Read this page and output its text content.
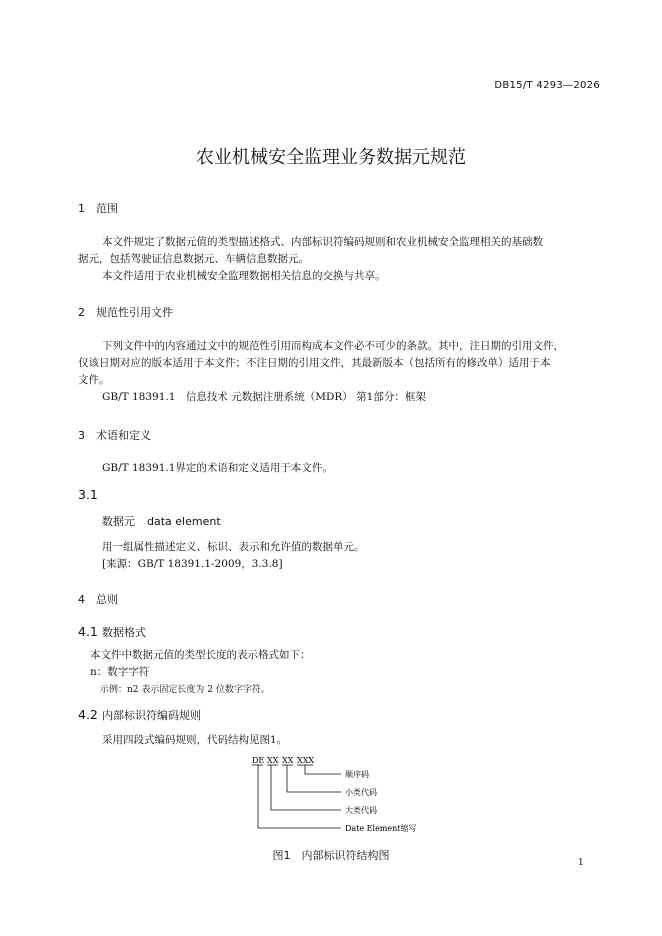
DB15/T 4293—2026
农业机械安全监理业务数据元规范
1 范围
本文件规定了数据元值的类型描述格式、内部标识符编码规则和农业机械安全监理相关的基础数
据元，包括驾驶证信息数据元、车辆信息数据元。
本文件适用于农业机械安全监理数据相关信息的交换与共享。
2 规范性引用文件
下列文件中的内容通过文中的规范性引用而构成本文件必不可少的条款。其中，注日期的引用文件，
仅该日期对应的版本适用于本文件；不注日期的引用文件，其最新版本（包括所有的修改单）适用于本
文件。
GB/T 18391.1　信息技术 元数据注册系统（MDR） 第1部分：框架
3 术语和定义
GB/T 18391.1界定的术语和定义适用于本文件。
3.1
数据元 data element
用一组属性描述定义、标识、表示和允许值的数据单元。
[来源：GB/T 18391.1-2009，3.3.8]
4 总则
4.1 数据格式
本文件中数据元值的类型长度的表示格式如下：
n：数字字符
示例：n2 表示固定长度为 2 位数字字符。
4.2 内部标识符编码规则
采用四段式编码规则，代码结构见图1。
DE XX XX XXX
顺序码
小类代码
大类代码
Date Element缩写
图1　内部标识符结构图
1
